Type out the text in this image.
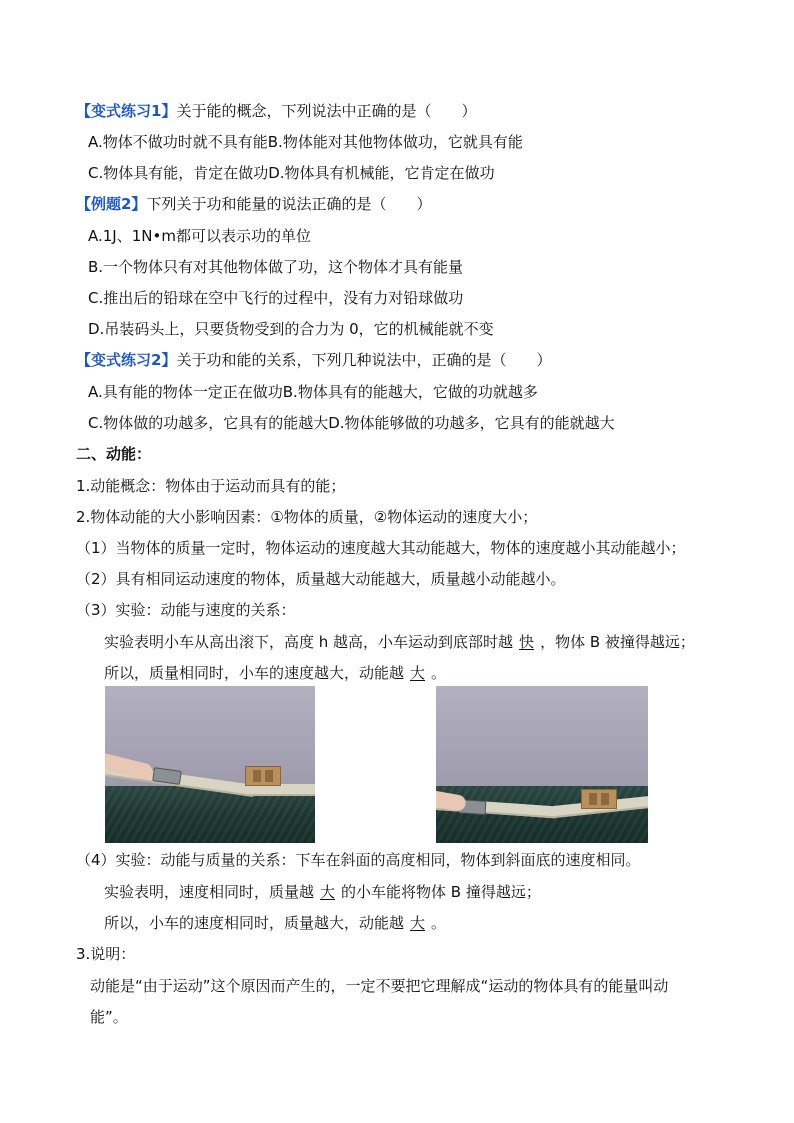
【变式练习1】关于能的概念，下列说法中正确的是（　　）
A.物体不做功时就不具有能B.物体能对其他物体做功，它就具有能
C.物体具有能，肯定在做功D.物体具有机械能，它肯定在做功
【例题2】下列关于功和能量的说法正确的是（　　）
A.1J、1N•m都可以表示功的单位
B.一个物体只有对其他物体做了功，这个物体才具有能量
C.推出后的铅球在空中飞行的过程中，没有力对铅球做功
D.吊装码头上，只要货物受到的合力为 0，它的机械能就不变
【变式练习2】关于功和能的关系，下列几种说法中，正确的是（　　）
A.具有能的物体一定正在做功B.物体具有的能越大，它做的功就越多
C.物体做的功越多，它具有的能越大D.物体能够做的功越多，它具有的能就越大
二、动能：
1.动能概念：物体由于运动而具有的能；
2.物体动能的大小影响因素：①物体的质量，②物体运动的速度大小；
（1）当物体的质量一定时，物体运动的速度越大其动能越大，物体的速度越小其动能越小；
（2）具有相同运动速度的物体，质量越大动能越大，质量越小动能越小。
（3）实验：动能与速度的关系：
实验表明小车从高出滚下，高度 h 越高，小车运动到底部时越 快 ，物体 B 被撞得越远；
所以，质量相同时，小车的速度越大，动能越 大 。
（4）实验：动能与质量的关系：下车在斜面的高度相同，物体到斜面底的速度相同。
实验表明，速度相同时，质量越 大 的小车能将物体 B 撞得越远；
所以，小车的速度相同时，质量越大，动能越 大 。
3.说明：
动能是“由于运动”这个原因而产生的，一定不要把它理解成“运动的物体具有的能量叫动
能”。
